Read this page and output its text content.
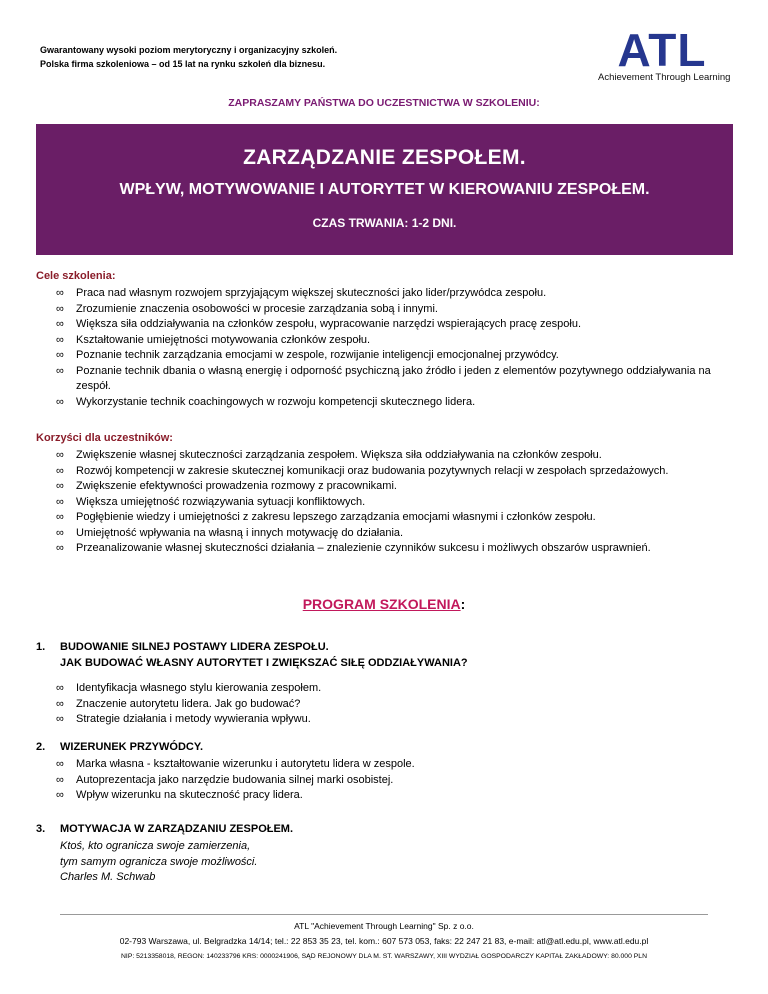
Gwarantowany wysoki poziom merytoryczny i organizacyjny szkoleń.
Polska firma szkoleniowa – od 15 lat na rynku szkoleń dla biznesu.	ATL
Achievement Through Learning
ZAPRASZAMY PAŃSTWA DO UCZESTNICTWA W SZKOLENIU:
ZARZĄDZANIE ZESPOŁEM.
WPŁYW, MOTYWOWANIE I AUTORYTET W KIEROWANIU ZESPOŁEM.
CZAS TRWANIA: 1-2 DNI.
Cele szkolenia:
∞ Praca nad własnym rozwojem sprzyjającym większej skuteczności jako lider/przywódca zespołu.
∞ Zrozumienie znaczenia osobowości w procesie zarządzania sobą i innymi.
∞ Większa siła oddziaływania na członków zespołu, wypracowanie narzędzi wspierających pracę zespołu.
∞ Kształtowanie umiejętności motywowania członków zespołu.
∞ Poznanie technik zarządzania emocjami w zespole, rozwijanie inteligencji emocjonalnej przywódcy.
∞ Poznanie technik dbania o własną energię i odporność psychiczną jako źródło i jeden z elementów pozytywnego oddziaływania na zespół.
∞ Wykorzystanie technik coachingowych w rozwoju kompetencji skutecznego lidera.
Korzyści dla uczestników:
∞ Zwiększenie własnej skuteczności zarządzania zespołem. Większa siła oddziaływania na członków zespołu.
∞ Rozwój kompetencji w zakresie skutecznej komunikacji oraz budowania pozytywnych relacji w zespołach sprzedażowych.
∞ Zwiększenie efektywności prowadzenia rozmowy z pracownikami.
∞ Większa umiejętność rozwiązywania sytuacji konfliktowych.
∞ Pogłębienie wiedzy i umiejętności z zakresu lepszego zarządzania emocjami własnymi i członków zespołu.
∞ Umiejętność wpływania na własną i innych motywację do działania.
∞ Przeanalizowanie własnej skuteczności działania – znalezienie czynników sukcesu i możliwych obszarów usprawnień.
PROGRAM SZKOLENIA:
1. BUDOWANIE SILNEJ POSTAWY LIDERA ZESPOŁU.
JAK BUDOWAĆ WŁASNY AUTORYTET I ZWIĘKSZAĆ SIŁĘ ODDZIAŁYWANIA?
∞ Identyfikacja własnego stylu kierowania zespołem.
∞ Znaczenie autorytetu lidera. Jak go budować?
∞ Strategie działania i metody wywierania wpływu.
2. WIZERUNEK PRZYWÓDCY.
∞ Marka własna - kształtowanie wizerunku i autorytetu lidera w zespole.
∞ Autoprezentacja jako narzędzie budowania silnej marki osobistej.
∞ Wpływ wizerunku na skuteczność pracy lidera.
3. MOTYWACJA W ZARZĄDZANIU ZESPOŁEM.
Ktoś, kto ogranicza swoje zamierzenia,
tym samym ogranicza swoje możliwości.
Charles M. Schwab
ATL "Achievement Through Learning" Sp. z o.o.
02-793 Warszawa, ul. Belgradzka 14/14; tel.: 22 853 35 23, tel. kom.: 607 573 053, faks: 22 247 21 83, e-mail: atl@atl.edu.pl, www.atl.edu.pl
NIP: 5213358018, REGON: 140233796 KRS: 0000241906, SĄD REJONOWY DLA M. ST. WARSZAWY, XIII WYDZIAŁ GOSPODARCZY KAPITAŁ ZAKŁADOWY: 80.000 PLN
